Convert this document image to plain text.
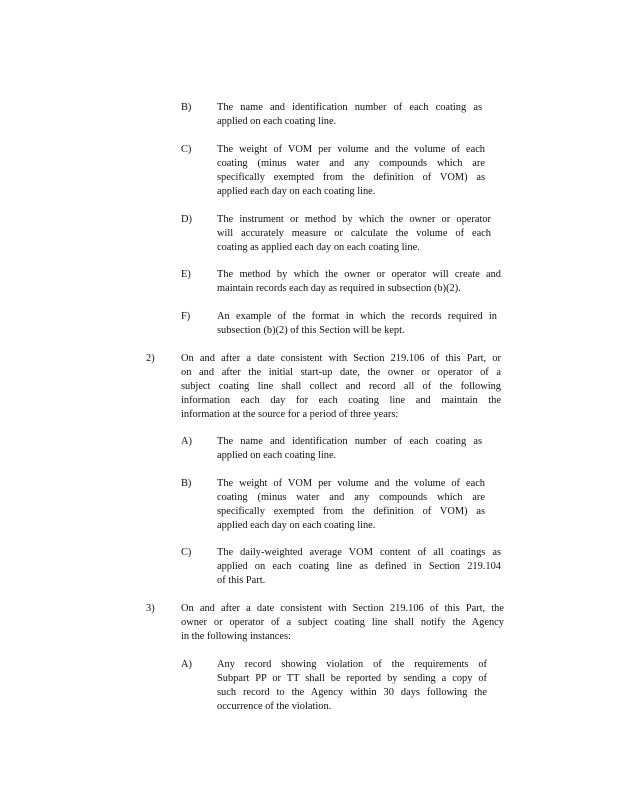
B) The name and identification number of each coating as
applied on each coating line.
C) The weight of VOM per volume and the volume of each
coating (minus water and any compounds which are
specifically exempted from the definition of VOM) as
applied each day on each coating line.
D) The instrument or method by which the owner or operator
will accurately measure or calculate the volume of each
coating as applied each day on each coating line.
E)	The method by which the owner or operator will create and
maintain records each day as required in subsection (b)(2).
F)	An example of the format in which the records required in
subsection (b)(2) of this Section will be kept.
2)	On and after a date consistent with Section 219.106 of this Part, or
on and after the initial start-up date, the owner or operator of a
subject coating line shall collect and record all of the following
information each day for each coating line and maintain the
information at the source for a period of three years:
A) The name and identification number of each coating as
applied on each coating line.
B) The weight of VOM per volume and the volume of each
coating (minus water and any compounds which are
specifically exempted from the definition of VOM) as
applied each day on each coating line.
C) The daily-weighted average VOM content of all coatings as
applied on each coating line as defined in Section 219.104
of this Part.
3)	On and after a date consistent with Section 219.106 of this Part, the
owner or operator of a subject coating line shall notify the Agency
in the following instances:
A) Any record showing violation of the requirements of
Subpart PP or TT shall be reported by sending a copy of
such record to the Agency within 30 days following the
occurrence of the violation.
